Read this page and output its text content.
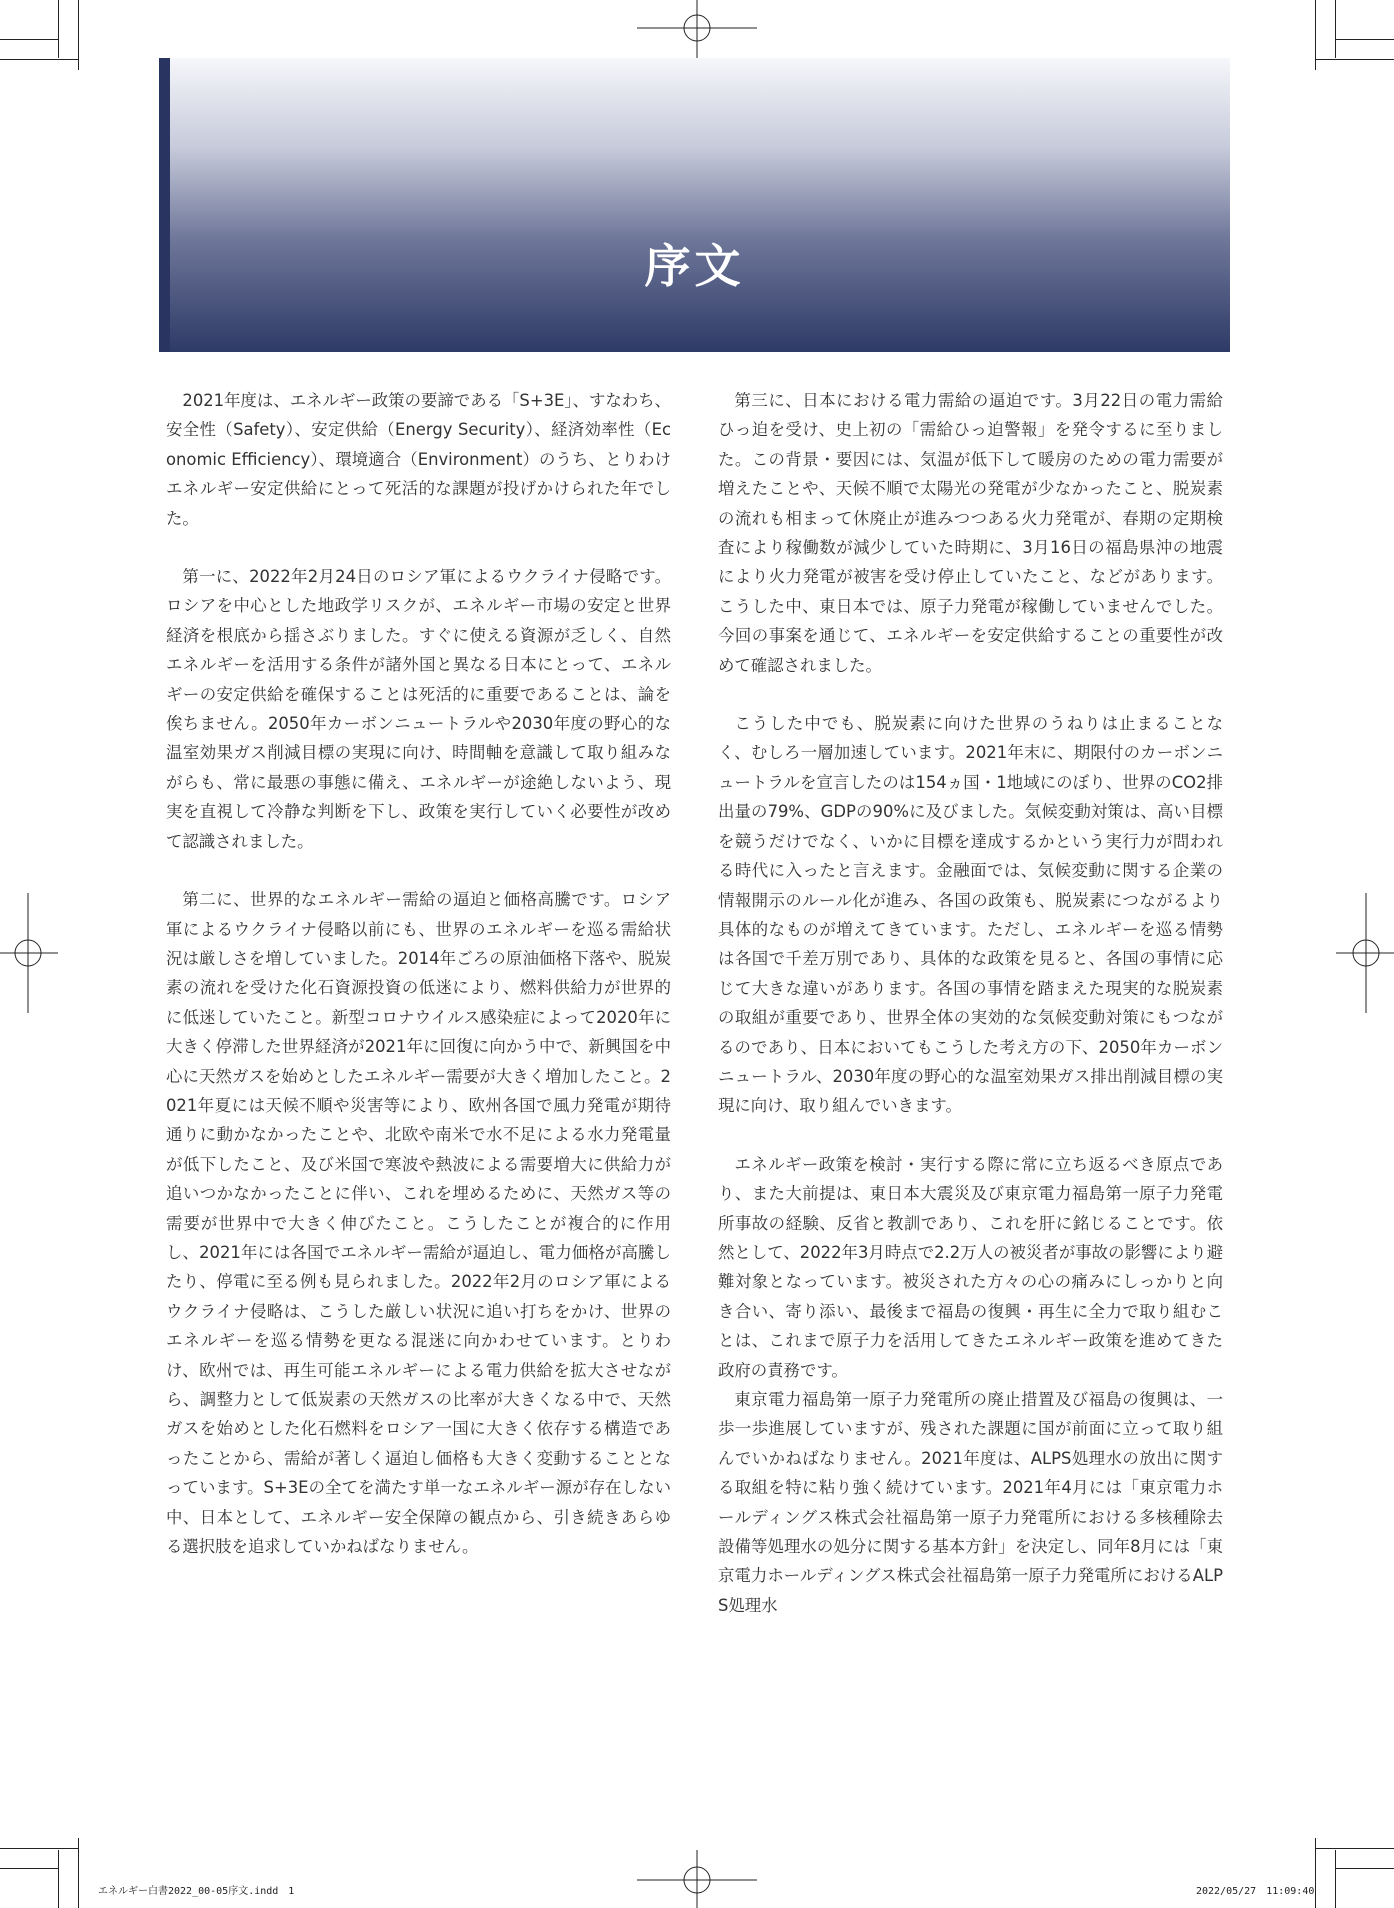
序文

2021年度は、エネルギー政策の要諦である「S+3E」、すなわち、安全性（Safety）、安定供給（Energy Security）、経済効率性（Economic Efficiency）、環境適合（Environment）のうち、とりわけエネルギー安定供給にとって死活的な課題が投げかけられた年でした。

第一に、2022年2月24日のロシア軍によるウクライナ侵略です。ロシアを中心とした地政学リスクが、エネルギー市場の安定と世界経済を根底から揺さぶりました。すぐに使える資源が乏しく、自然エネルギーを活用する条件が諸外国と異なる日本にとって、エネルギーの安定供給を確保することは死活的に重要であることは、論を俟ちません。2050年カーボンニュートラルや2030年度の野心的な温室効果ガス削減目標の実現に向け、時間軸を意識して取り組みながらも、常に最悪の事態に備え、エネルギーが途絶しないよう、現実を直視して冷静な判断を下し、政策を実行していく必要性が改めて認識されました。

第二に、世界的なエネルギー需給の逼迫と価格高騰です。ロシア軍によるウクライナ侵略以前にも、世界のエネルギーを巡る需給状況は厳しさを増していました。2014年ごろの原油価格下落や、脱炭素の流れを受けた化石資源投資の低迷により、燃料供給力が世界的に低迷していたこと。新型コロナウイルス感染症によって2020年に大きく停滞した世界経済が2021年に回復に向かう中で、新興国を中心に天然ガスを始めとしたエネルギー需要が大きく増加したこと。2021年夏には天候不順や災害等により、欧州各国で風力発電が期待通りに動かなかったことや、北欧や南米で水不足による水力発電量が低下したこと、及び米国で寒波や熱波による需要増大に供給力が追いつかなかったことに伴い、これを埋めるために、天然ガス等の需要が世界中で大きく伸びたこと。こうしたことが複合的に作用し、2021年には各国でエネルギー需給が逼迫し、電力価格が高騰したり、停電に至る例も見られました。2022年2月のロシア軍によるウクライナ侵略は、こうした厳しい状況に追い打ちをかけ、世界のエネルギーを巡る情勢を更なる混迷に向かわせています。とりわけ、欧州では、再生可能エネルギーによる電力供給を拡大させながら、調整力として低炭素の天然ガスの比率が大きくなる中で、天然ガスを始めとした化石燃料をロシア一国に大きく依存する構造であったことから、需給が著しく逼迫し価格も大きく変動することとなっています。S+3Eの全てを満たす単一なエネルギー源が存在しない中、日本として、エネルギー安全保障の観点から、引き続きあらゆる選択肢を追求していかねばなりません。

第三に、日本における電力需給の逼迫です。3月22日の電力需給ひっ迫を受け、史上初の「需給ひっ迫警報」を発令するに至りました。この背景・要因には、気温が低下して暖房のための電力需要が増えたことや、天候不順で太陽光の発電が少なかったこと、脱炭素の流れも相まって休廃止が進みつつある火力発電が、春期の定期検査により稼働数が減少していた時期に、3月16日の福島県沖の地震により火力発電が被害を受け停止していたこと、などがあります。こうした中、東日本では、原子力発電が稼働していませんでした。今回の事案を通じて、エネルギーを安定供給することの重要性が改めて確認されました。

こうした中でも、脱炭素に向けた世界のうねりは止まることなく、むしろ一層加速しています。2021年末に、期限付のカーボンニュートラルを宣言したのは154ヵ国・1地域にのぼり、世界のCO2排出量の79%、GDPの90%に及びました。気候変動対策は、高い目標を競うだけでなく、いかに目標を達成するかという実行力が問われる時代に入ったと言えます。金融面では、気候変動に関する企業の情報開示のルール化が進み、各国の政策も、脱炭素につながるより具体的なものが増えてきています。ただし、エネルギーを巡る情勢は各国で千差万別であり、具体的な政策を見ると、各国の事情に応じて大きな違いがあります。各国の事情を踏まえた現実的な脱炭素の取組が重要であり、世界全体の実効的な気候変動対策にもつながるのであり、日本においてもこうした考え方の下、2050年カーボンニュートラル、2030年度の野心的な温室効果ガス排出削減目標の実現に向け、取り組んでいきます。

エネルギー政策を検討・実行する際に常に立ち返るべき原点であり、また大前提は、東日本大震災及び東京電力福島第一原子力発電所事故の経験、反省と教訓であり、これを肝に銘じることです。依然として、2022年3月時点で2.2万人の被災者が事故の影響により避難対象となっています。被災された方々の心の痛みにしっかりと向き合い、寄り添い、最後まで福島の復興・再生に全力で取り組むことは、これまで原子力を活用してきたエネルギー政策を進めてきた政府の責務です。

東京電力福島第一原子力発電所の廃止措置及び福島の復興は、一歩一歩進展していますが、残された課題に国が前面に立って取り組んでいかねばなりません。2021年度は、ALPS処理水の放出に関する取組を特に粘り強く続けています。2021年4月には「東京電力ホールディングス株式会社福島第一原子力発電所における多核種除去設備等処理水の処分に関する基本方針」を決定し、同年8月には「東京電力ホールディングス株式会社福島第一原子力発電所におけるALPS処理水

エネルギー白書2022_00-05序文.indd　1	2022/05/27　11:09:40
